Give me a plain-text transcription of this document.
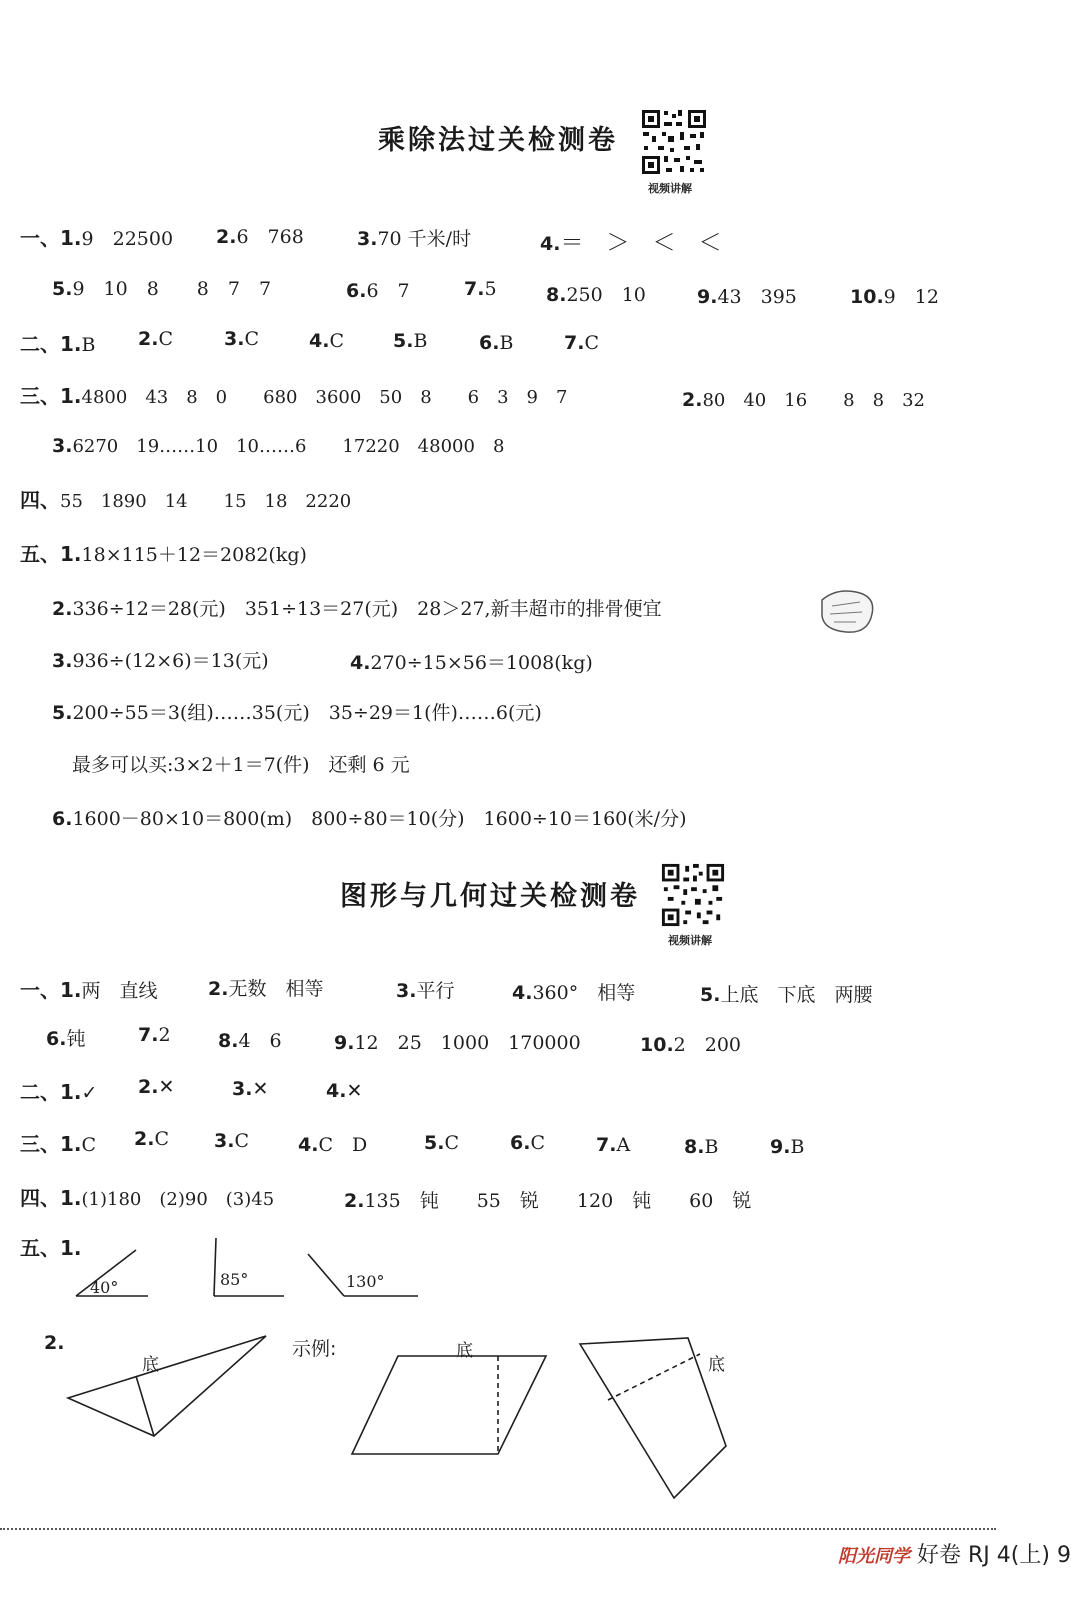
乘除法过关检测卷
视频讲解
一、1.9　22500 2.6　768	3.70 千米/时	4.＝　＞　＜　＜
5.9　10　8　　8　7　7	6.6　7	7.5	8.250　10	9.43　395	10.9　12
二、1.B 2.C	3.C	4.C	5.B	6.B	7.C
三、1.4800　43　8　0　　680　3600　50　8　　6　3　9　7	2.80　40　16　　8　8　32
3.6270　19……10　10……6　　17220　48000　8
四、55　1890　14　　15　18　2220
五、1.18×115＋12＝2082(kg)
2.336÷12＝28(元)　351÷13＝27(元)　28＞27,新丰超市的排骨便宜
3.936÷(12×6)＝13(元)	4.270÷15×56＝1008(kg)
5.200÷55＝3(组)……35(元)　35÷29＝1(件)……6(元)
最多可以买:3×2＋1＝7(件)　还剩 6 元
6.1600－80×10＝800(m)　800÷80＝10(分)　1600÷10＝160(米/分)
图形与几何过关检测卷
视频讲解
一、1.两　直线	2.无数　相等	3.平行	4.360°　相等	5.上底　下底　两腰
6.钝	7.2 8.4　6	9.12　25　1000　170000	10.2　200
二、1.✓ 2.✕	3.✕	4.✕
三、1.C 2.C 3.C	4.C　D	5.C	6.C	7.A	8.B	9.B
四、1.(1)180　(2)90　(3)45	2.135　钝　　55　锐　　120　钝　　60　锐
五、1.
40°	85°	130°
2.
底
示例:	底
底
阳光同学 好卷 RJ 4(上) 9
